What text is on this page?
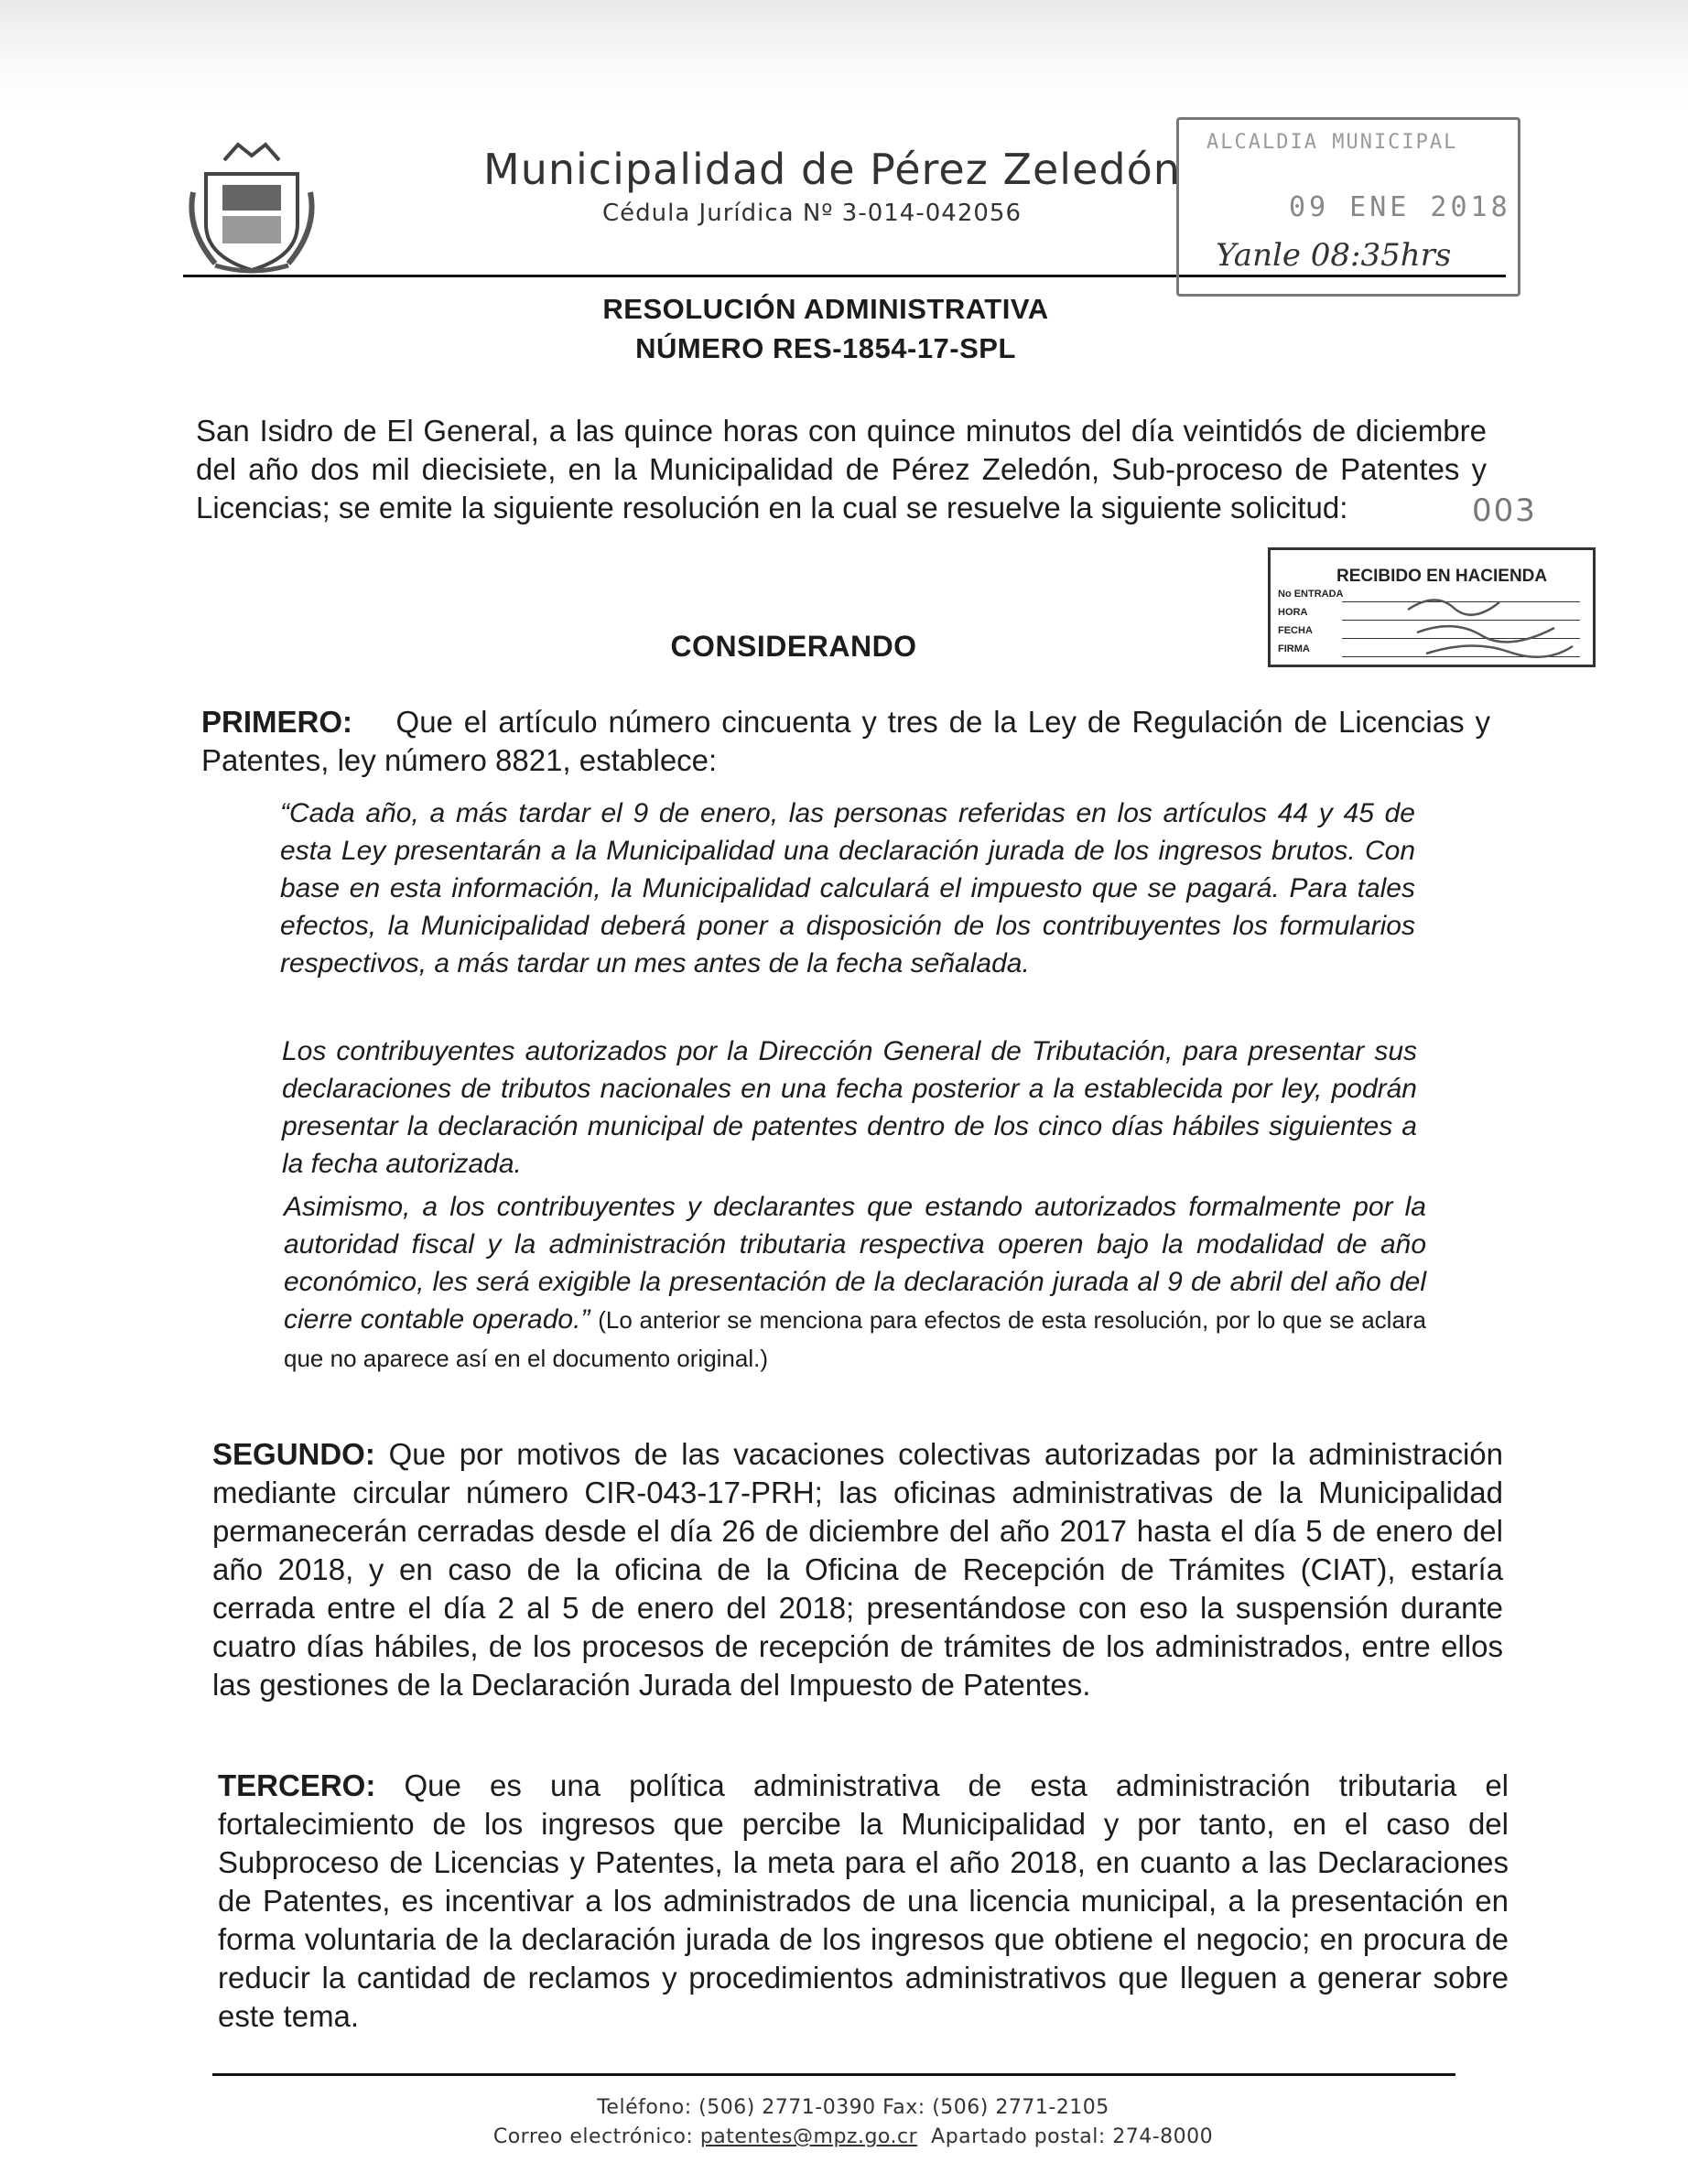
Municipalidad de Pérez Zeledón
Cédula Jurídica Nº 3-014-042056
ALCALDIA MUNICIPAL
09 ENE 2018
Yanle 08:35hrs
003
RECIBIDO EN HACIENDA
No ENTRADA
HORA
FECHA
FIRMA
RESOLUCIÓN ADMINISTRATIVA
NÚMERO RES-1854-17-SPL

San Isidro de El General, a las quince horas con quince minutos del día veintidós de diciembre del año dos mil diecisiete, en la Municipalidad de Pérez Zeledón, Sub-proceso de Patentes y Licencias; se emite la siguiente resolución en la cual se resuelve la siguiente solicitud:

CONSIDERANDO

PRIMERO: Que el artículo número cincuenta y tres de la Ley de Regulación de Licencias y Patentes, ley número 8821, establece:

“Cada año, a más tardar el 9 de enero, las personas referidas en los artículos 44 y 45 de esta Ley presentarán a la Municipalidad una declaración jurada de los ingresos brutos. Con base en esta información, la Municipalidad calculará el impuesto que se pagará. Para tales efectos, la Municipalidad deberá poner a disposición de los contribuyentes los formularios respectivos, a más tardar un mes antes de la fecha señalada.

Los contribuyentes autorizados por la Dirección General de Tributación, para presentar sus declaraciones de tributos nacionales en una fecha posterior a la establecida por ley, podrán presentar la declaración municipal de patentes dentro de los cinco días hábiles siguientes a la fecha autorizada.

Asimismo, a los contribuyentes y declarantes que estando autorizados formalmente por la autoridad fiscal y la administración tributaria respectiva operen bajo la modalidad de año económico, les será exigible la presentación de la declaración jurada al 9 de abril del año del cierre contable operado.” (Lo anterior se menciona para efectos de esta resolución, por lo que se aclara que no aparece así en el documento original.)

SEGUNDO: Que por motivos de las vacaciones colectivas autorizadas por la administración mediante circular número CIR-043-17-PRH; las oficinas administrativas de la Municipalidad permanecerán cerradas desde el día 26 de diciembre del año 2017 hasta el día 5 de enero del año 2018, y en caso de la oficina de la Oficina de Recepción de Trámites (CIAT), estaría cerrada entre el día 2 al 5 de enero del 2018; presentándose con eso la suspensión durante cuatro días hábiles, de los procesos de recepción de trámites de los administrados, entre ellos las gestiones de la Declaración Jurada del Impuesto de Patentes.

TERCERO: Que es una política administrativa de esta administración tributaria el fortalecimiento de los ingresos que percibe la Municipalidad y por tanto, en el caso del Subproceso de Licencias y Patentes, la meta para el año 2018, en cuanto a las Declaraciones de Patentes, es incentivar a los administrados de una licencia municipal, a la presentación en forma voluntaria de la declaración jurada de los ingresos que obtiene el negocio; en procura de reducir la cantidad de reclamos y procedimientos administrativos que lleguen a generar sobre este tema.

Teléfono: (506) 2771-0390 Fax: (506) 2771-2105
Correo electrónico: patentes@mpz.go.cr Apartado postal: 274-8000
